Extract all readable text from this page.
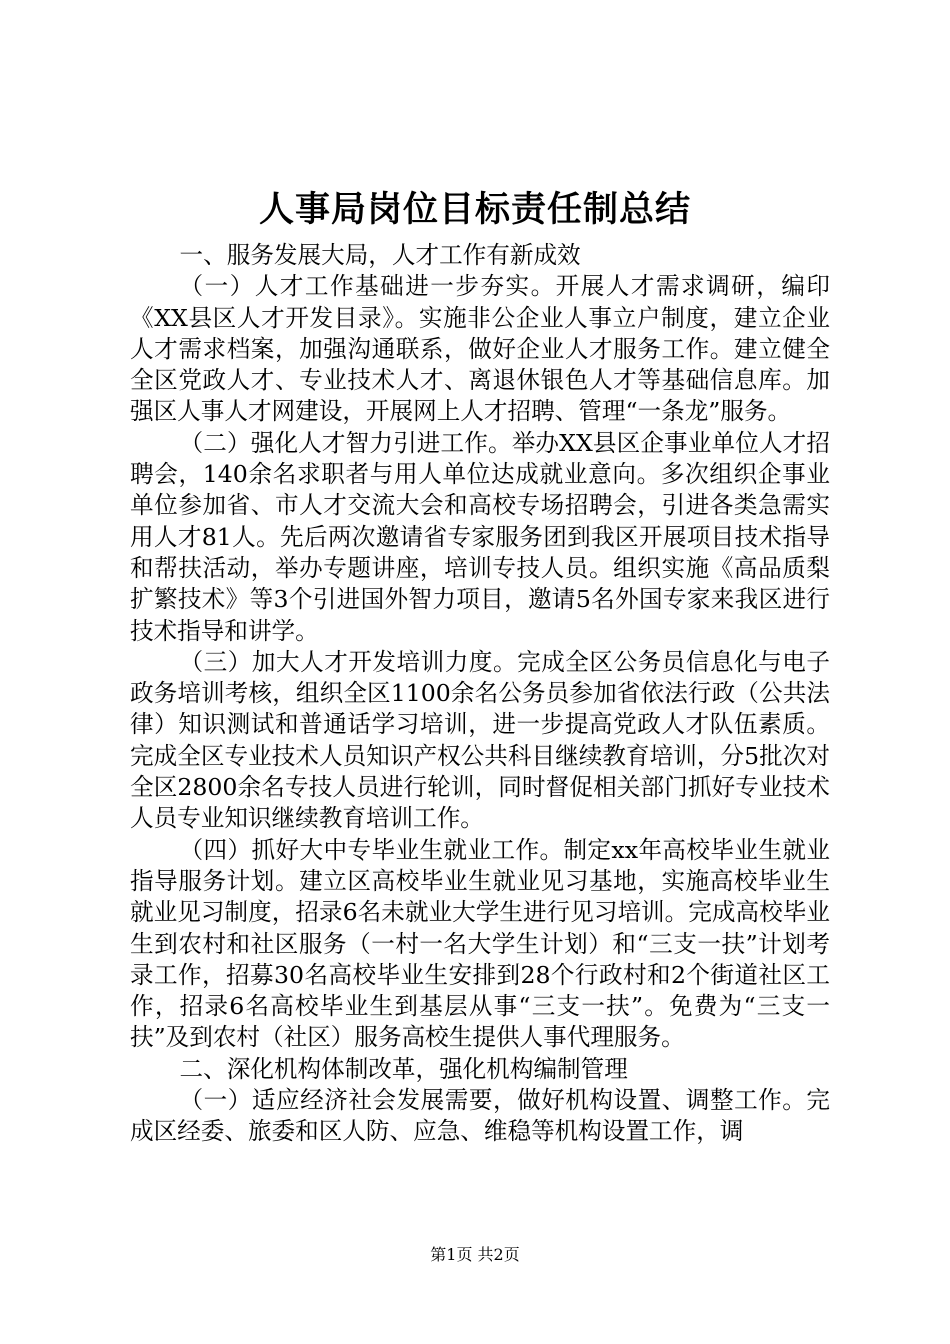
人事局岗位目标责任制总结

一、服务发展大局，人才工作有新成效

（一）人才工作基础进一步夯实。开展人才需求调研，编印《XX县区人才开发目录》。实施非公企业人事立户制度，建立企业人才需求档案，加强沟通联系，做好企业人才服务工作。建立健全全区党政人才、专业技术人才、离退休银色人才等基础信息库。加强区人事人才网建设，开展网上人才招聘、管理“一条龙”服务。

（二）强化人才智力引进工作。举办XX县区企事业单位人才招聘会，140余名求职者与用人单位达成就业意向。多次组织企事业单位参加省、市人才交流大会和高校专场招聘会，引进各类急需实用人才81人。先后两次邀请省专家服务团到我区开展项目技术指导和帮扶活动，举办专题讲座，培训专技人员。组织实施《高品质梨扩繁技术》等3个引进国外智力项目，邀请5名外国专家来我区进行技术指导和讲学。

（三）加大人才开发培训力度。完成全区公务员信息化与电子政务培训考核，组织全区1100余名公务员参加省依法行政（公共法律）知识测试和普通话学习培训，进一步提高党政人才队伍素质。完成全区专业技术人员知识产权公共科目继续教育培训，分5批次对全区2800余名专技人员进行轮训，同时督促相关部门抓好专业技术人员专业知识继续教育培训工作。

（四）抓好大中专毕业生就业工作。制定xx年高校毕业生就业指导服务计划。建立区高校毕业生就业见习基地，实施高校毕业生就业见习制度，招录6名未就业大学生进行见习培训。完成高校毕业生到农村和社区服务（一村一名大学生计划）和“三支一扶”计划考录工作，招募30名高校毕业生安排到28个行政村和2个街道社区工作，招录6名高校毕业生到基层从事“三支一扶”。免费为“三支一扶”及到农村（社区）服务高校生提供人事代理服务。

二、深化机构体制改革，强化机构编制管理

（一）适应经济社会发展需要，做好机构设置、调整工作。完成区经委、旅委和区人防、应急、维稳等机构设置工作，调

第1页 共2页
